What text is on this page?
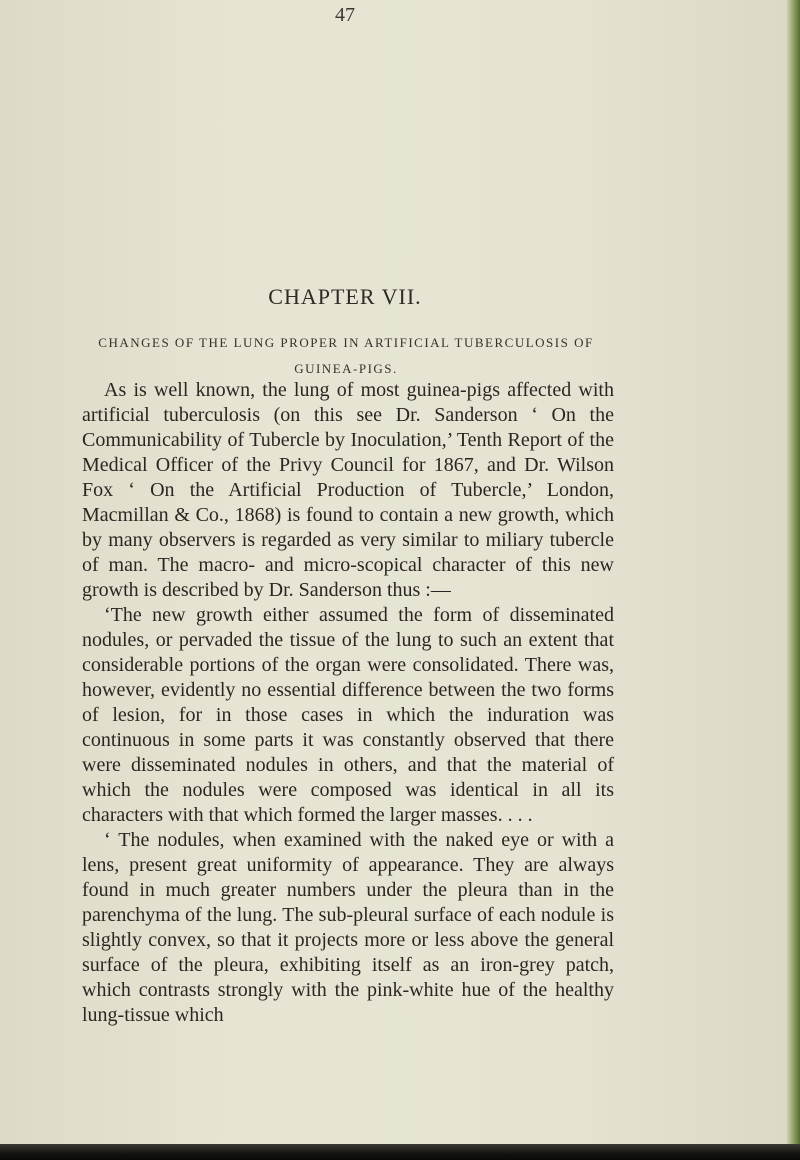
47
CHAPTER VII.
CHANGES OF THE LUNG PROPER IN ARTIFICIAL TUBERCULOSIS OF GUINEA-PIGS.

As is well known, the lung of most guinea-pigs affected with artificial tuberculosis (on this see Dr. Sanderson ‘ On the Communicability of Tubercle by Inoculation,’ Tenth Report of the Medical Officer of the Privy Council for 1867, and Dr. Wilson Fox ‘ On the Artificial Production of Tubercle,’ London, Macmillan & Co., 1868) is found to contain a new growth, which by many observers is regarded as very similar to miliary tubercle of man. The macro- and micro-scopical character of this new growth is described by Dr. Sanderson thus :—

‘The new growth either assumed the form of disseminated nodules, or pervaded the tissue of the lung to such an extent that considerable portions of the organ were consolidated. There was, however, evidently no essential difference between the two forms of lesion, for in those cases in which the induration was continuous in some parts it was constantly observed that there were disseminated nodules in others, and that the material of which the nodules were composed was identical in all its characters with that which formed the larger masses. . . .

‘ The nodules, when examined with the naked eye or with a lens, present great uniformity of appearance. They are always found in much greater numbers under the pleura than in the parenchyma of the lung. The sub-pleural surface of each nodule is slightly convex, so that it projects more or less above the general surface of the pleura, exhibiting itself as an iron-grey patch, which contrasts strongly with the pink-white hue of the healthy lung-tissue which
